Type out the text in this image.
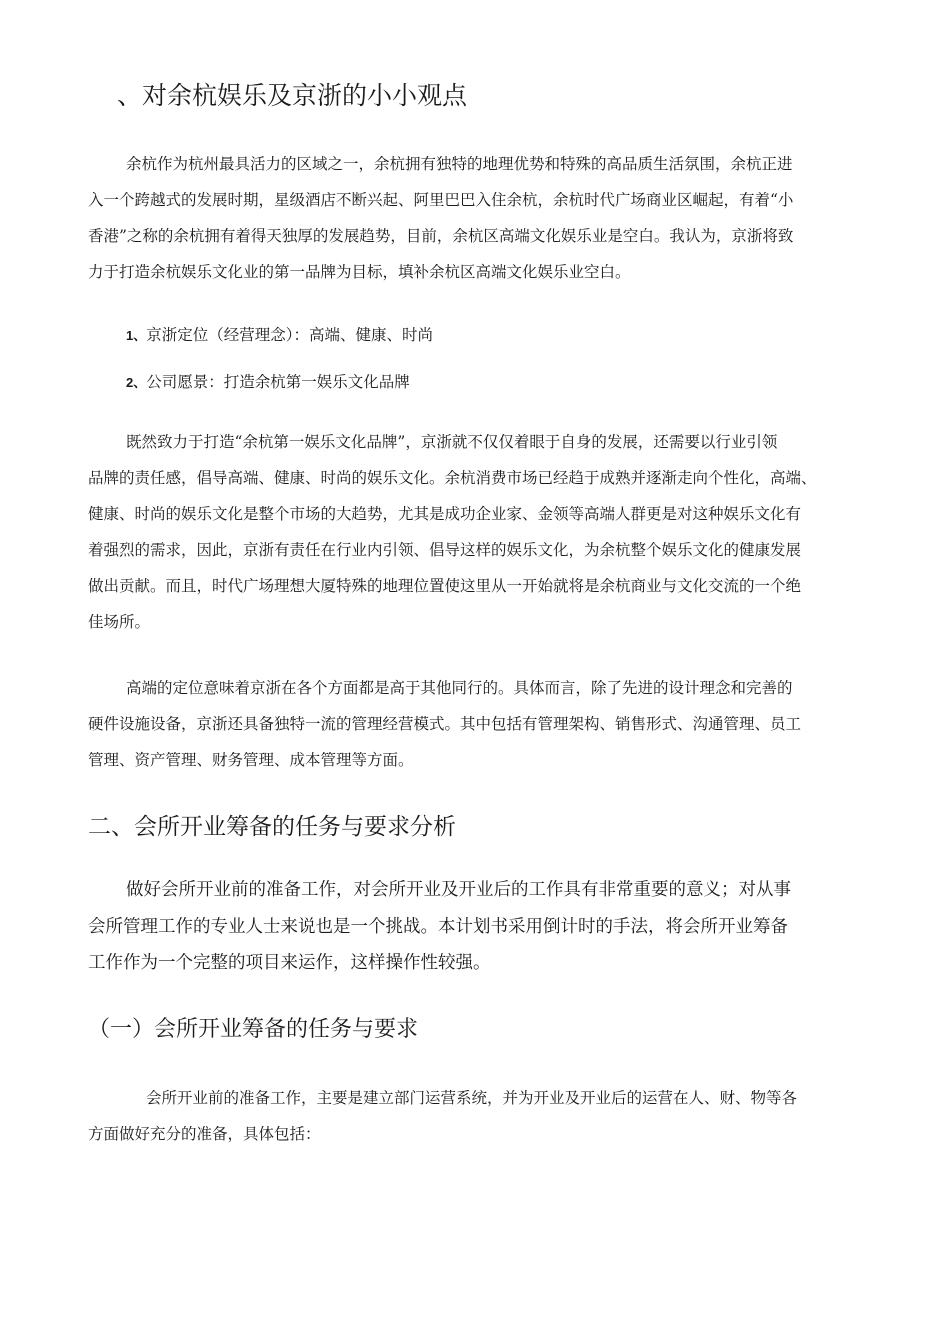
、对余杭娱乐及京浙的小小观点

余杭作为杭州最具活力的区域之一，余杭拥有独特的地理优势和特殊的高品质生活氛围，余杭正进
入一个跨越式的发展时期，星级酒店不断兴起、阿里巴巴入住余杭，余杭时代广场商业区崛起，有着“小
香港”之称的余杭拥有着得天独厚的发展趋势，目前，余杭区高端文化娱乐业是空白。我认为，京浙将致
力于打造余杭娱乐文化业的第一品牌为目标，填补余杭区高端文化娱乐业空白。

1、京浙定位（经营理念）：高端、健康、时尚
2、公司愿景：打造余杭第一娱乐文化品牌

既然致力于打造“余杭第一娱乐文化品牌”，京浙就不仅仅着眼于自身的发展，还需要以行业引领
品牌的责任感，倡导高端、健康、时尚的娱乐文化。余杭消费市场已经趋于成熟并逐渐走向个性化，高端、
健康、时尚的娱乐文化是整个市场的大趋势，尤其是成功企业家、金领等高端人群更是对这种娱乐文化有
着强烈的需求，因此，京浙有责任在行业内引领、倡导这样的娱乐文化，为余杭整个娱乐文化的健康发展
做出贡献。而且，时代广场理想大厦特殊的地理位置使这里从一开始就将是余杭商业与文化交流的一个绝
佳场所。

高端的定位意味着京浙在各个方面都是高于其他同行的。具体而言，除了先进的设计理念和完善的
硬件设施设备，京浙还具备独特一流的管理经营模式。其中包括有管理架构、销售形式、沟通管理、员工
管理、资产管理、财务管理、成本管理等方面。

二、会所开业筹备的任务与要求分析

做好会所开业前的准备工作，对会所开业及开业后的工作具有非常重要的意义；对从事
会所管理工作的专业人士来说也是一个挑战。本计划书采用倒计时的手法，将会所开业筹备
工作作为一个完整的项目来运作，这样操作性较强。

（一）会所开业筹备的任务与要求

会所开业前的准备工作，主要是建立部门运营系统，并为开业及开业后的运营在人、财、物等各
方面做好充分的准备，具体包括：
